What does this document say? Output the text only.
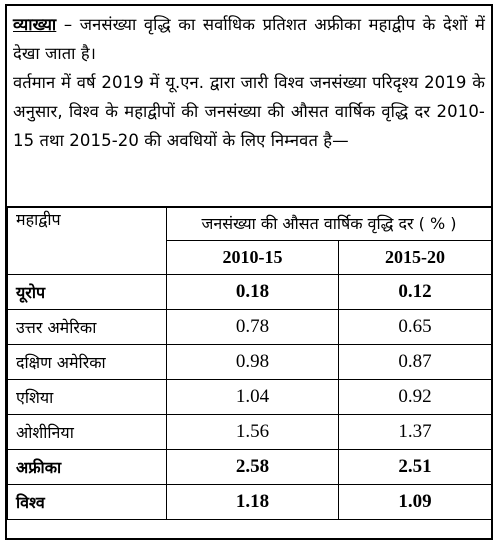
व्याख्या – जनसंख्या वृद्धि का सर्वाधिक प्रतिशत अफ्रीका महाद्वीप के देशों में देखा जाता है।

वर्तमान में वर्ष 2019 में यू.एन. द्वारा जारी विश्व जनसंख्या परिदृश्य 2019 के अनुसार, विश्व के महाद्वीपों की जनसंख्या की औसत वार्षिक वृद्धि दर 2010-15 तथा 2015-20 की अवधियों के लिए निम्नवत है—

महाद्वीप	जनसंख्या की औसत वार्षिक वृद्धि दर ( % )	
	2010-15	2015-20
यूरोप	0.18	0.12
उत्तर अमेरिका	0.78	0.65
दक्षिण अमेरिका	0.98	0.87
एशिया	1.04	0.92
ओशीनिया	1.56	1.37
अफ्रीका	2.58	2.51
विश्व	1.18	1.09
